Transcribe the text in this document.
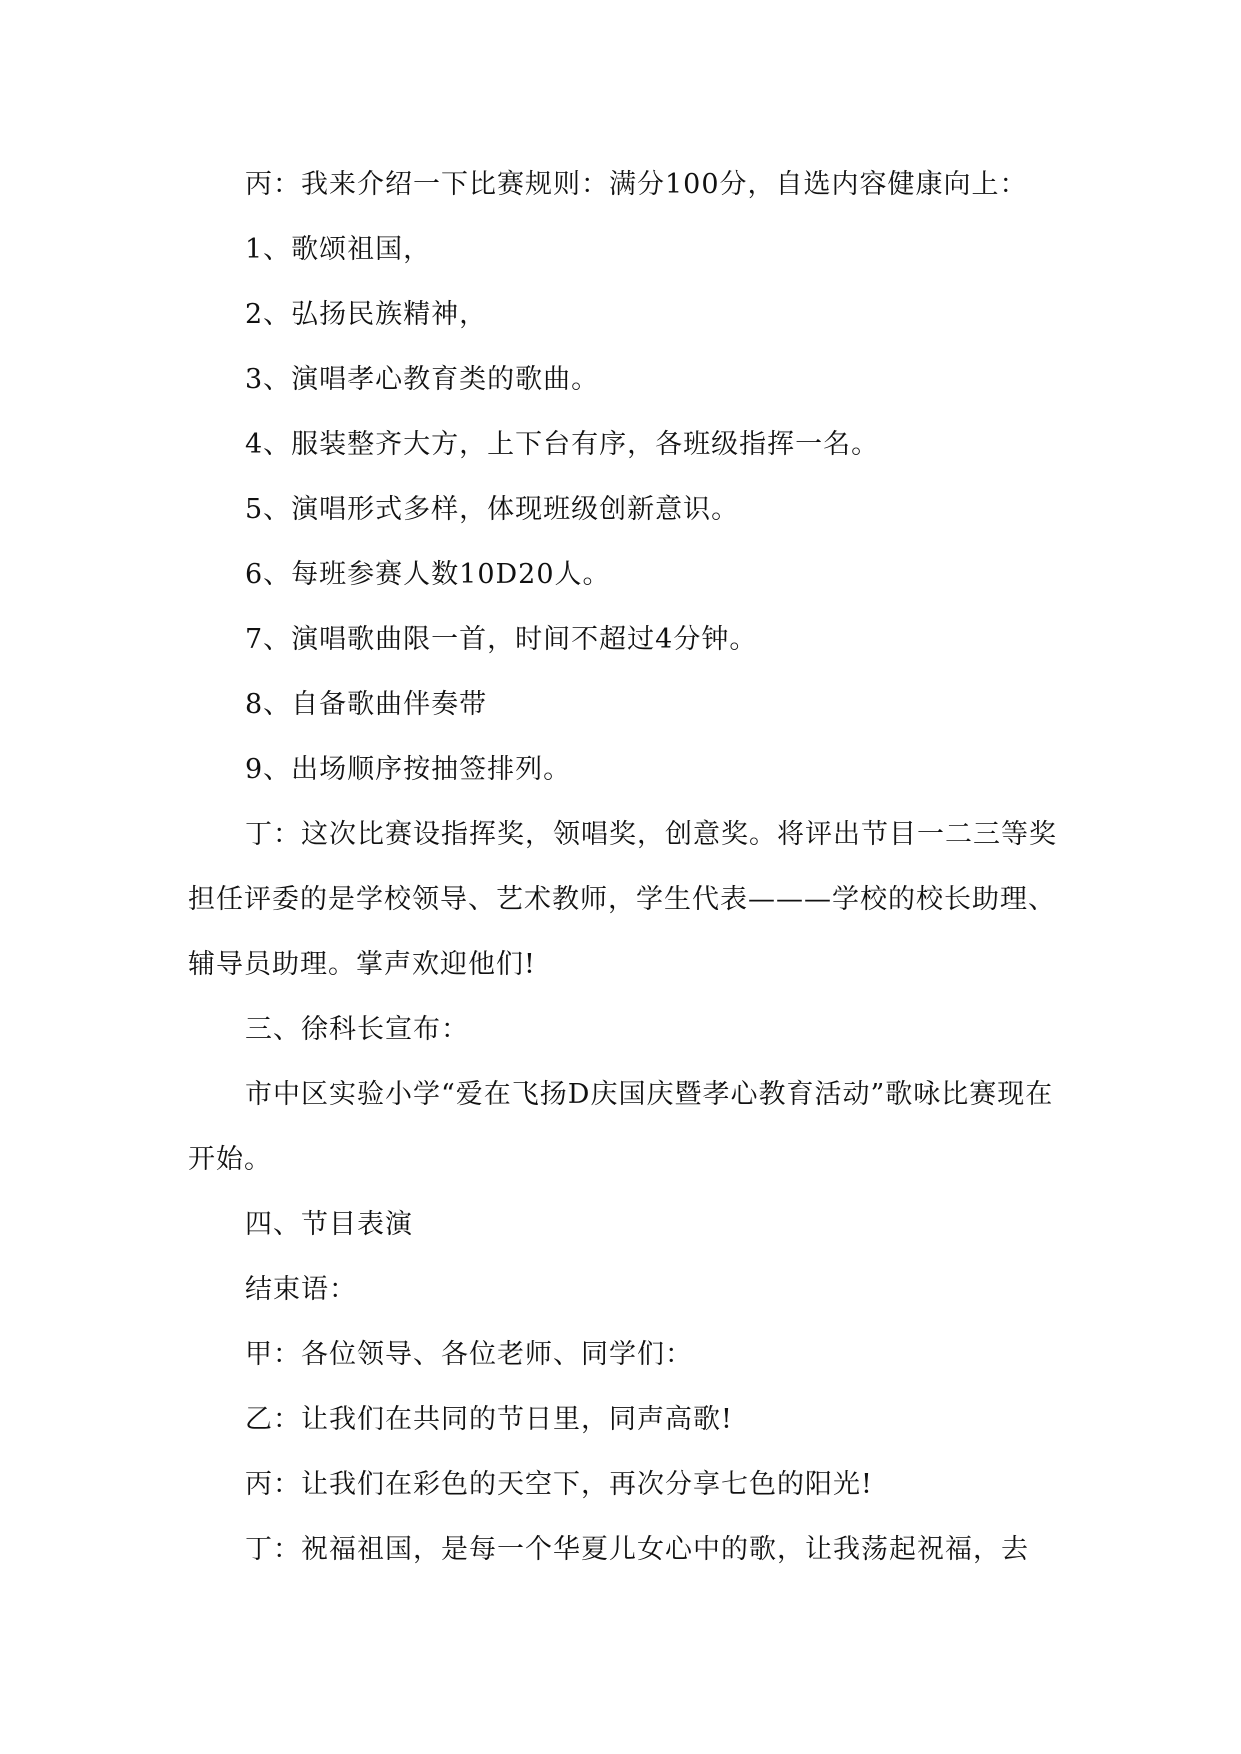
丙：我来介绍一下比赛规则：满分100分，自选内容健康向上：

1、歌颂祖国，

2、弘扬民族精神，

3、演唱孝心教育类的歌曲。

4、服装整齐大方，上下台有序，各班级指挥一名。

5、演唱形式多样，体现班级创新意识。

6、每班参赛人数10D20人。

7、演唱歌曲限一首，时间不超过4分钟。

8、自备歌曲伴奏带

9、出场顺序按抽签排列。

丁：这次比赛设指挥奖，领唱奖，创意奖。将评出节目一二三等奖担任评委的是学校领导、艺术教师，学生代表———学校的校长助理、辅导员助理。掌声欢迎他们!

三、徐科长宣布：

市中区实验小学“爱在飞扬D庆国庆暨孝心教育活动”歌咏比赛现在开始。

四、节目表演

结束语：

甲：各位领导、各位老师、同学们：

乙：让我们在共同的节日里，同声高歌!

丙：让我们在彩色的天空下，再次分享七色的阳光!

丁：祝福祖国，是每一个华夏儿女心中的歌，让我荡起祝福，去
